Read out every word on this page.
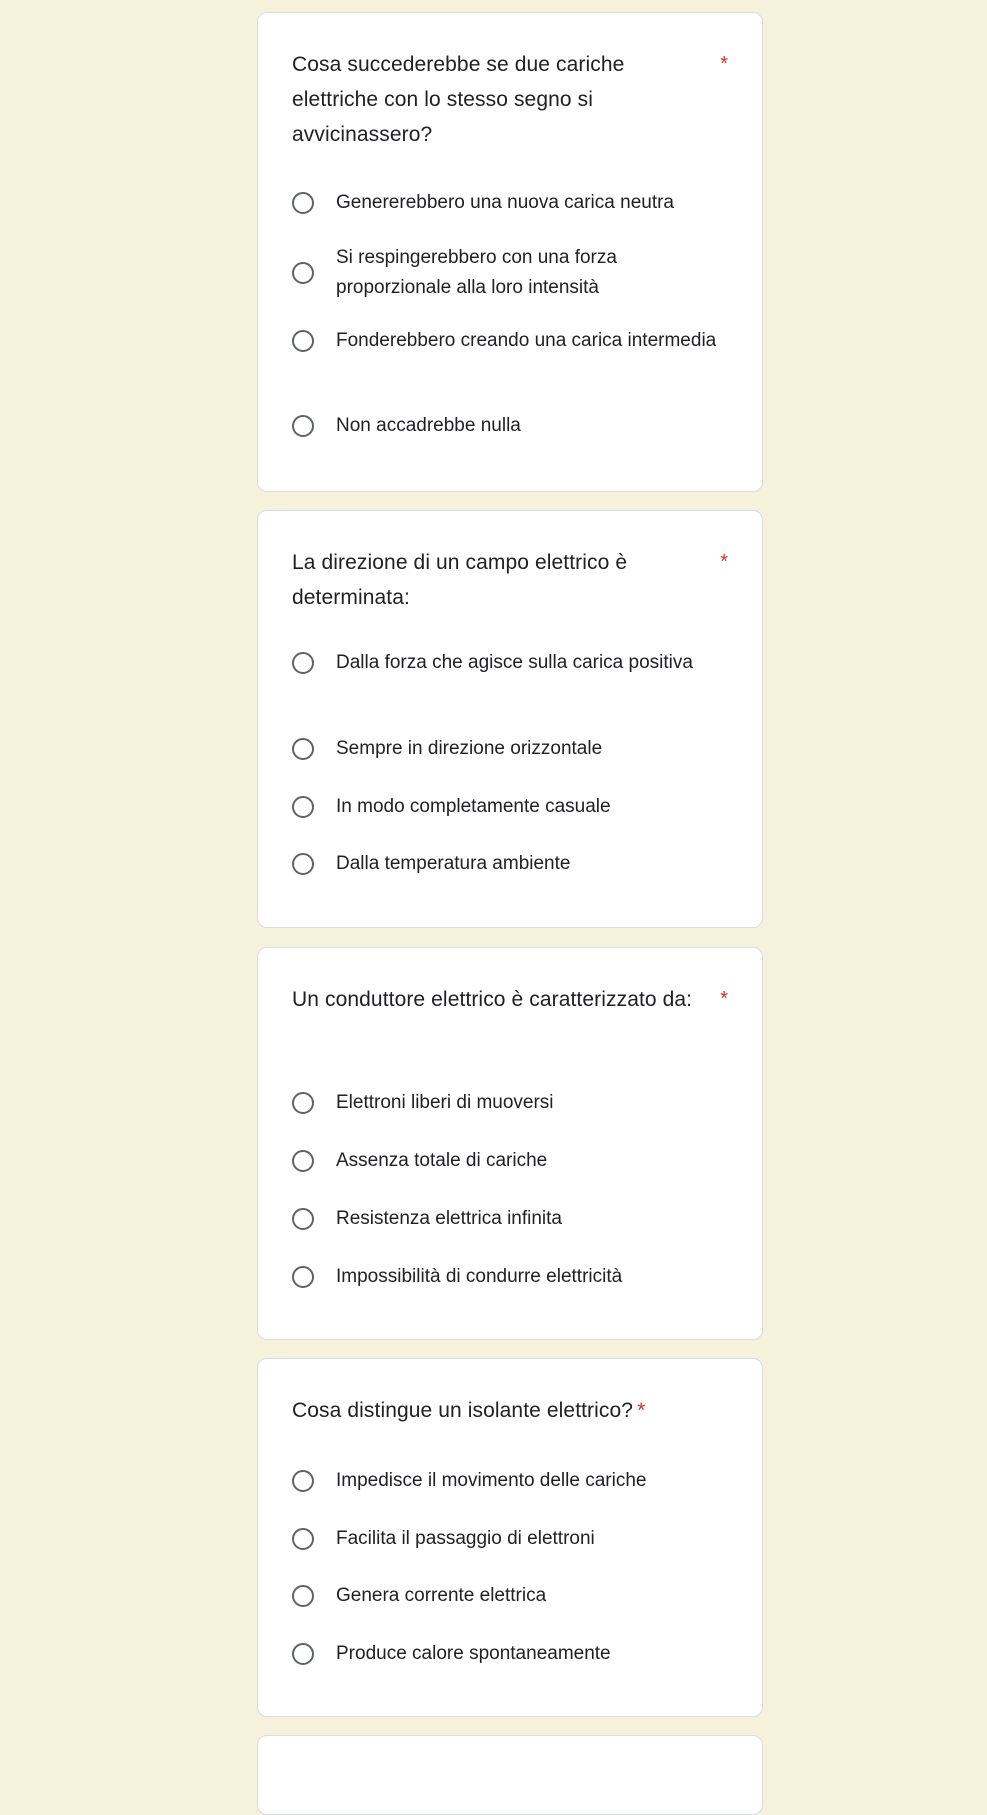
Cosa succederebbe se due cariche elettriche con lo stesso segno si avvicinassero?
*
Genererebbero una nuova carica neutra
Si respingerebbero con una forza proporzionale alla loro intensità
Fonderebbero creando una carica intermedia
Non accadrebbe nulla
La direzione di un campo elettrico è determinata:
*
Dalla forza che agisce sulla carica positiva
Sempre in direzione orizzontale
In modo completamente casuale
Dalla temperatura ambiente
Un conduttore elettrico è caratterizzato da:	*
Elettroni liberi di muoversi
Assenza totale di cariche
Resistenza elettrica infinita
Impossibilità di condurre elettricità
Cosa distingue un isolante elettrico? *
Impedisce il movimento delle cariche
Facilita il passaggio di elettroni
Genera corrente elettrica
Produce calore spontaneamente
